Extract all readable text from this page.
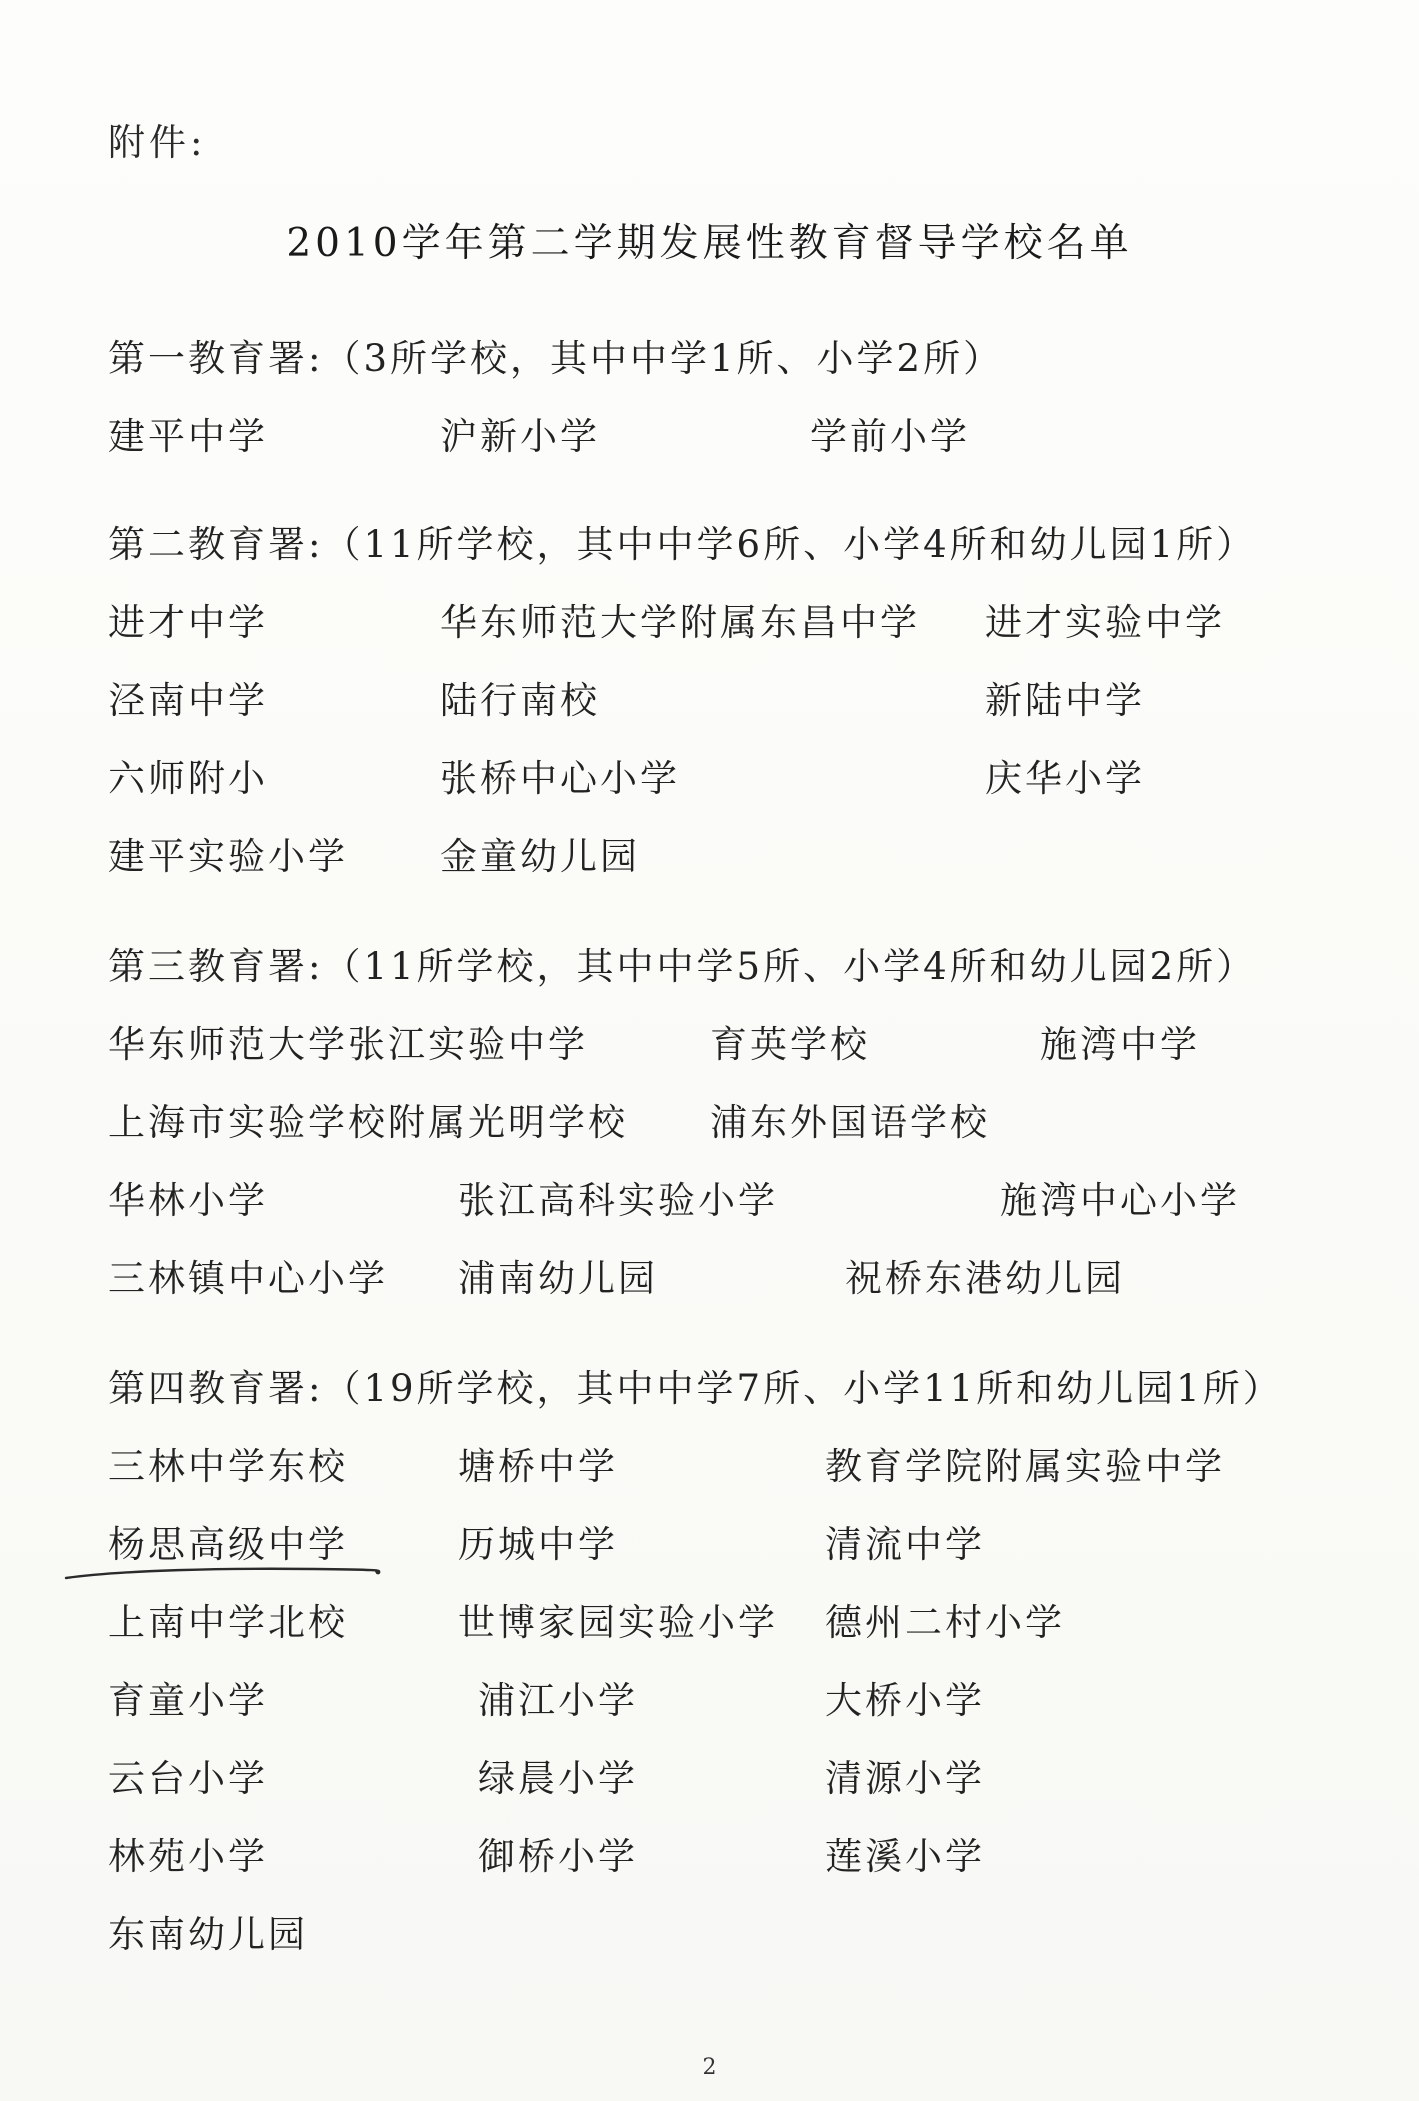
附件:
2010学年第二学期发展性教育督导学校名单
第一教育署:（3所学校，其中中学1所、小学2所）
建平中学	沪新小学	学前小学
第二教育署:（11所学校，其中中学6所、小学4所和幼儿园1所）
进才中学	华东师范大学附属东昌中学 进才实验中学
泾南中学	陆行南校	新陆中学
六师附小	张桥中心小学	庆华小学
建平实验小学 金童幼儿园
第三教育署:（11所学校，其中中学5所、小学4所和幼儿园2所）
华东师范大学张江实验中学	育英学校	施湾中学
上海市实验学校附属光明学校 浦东外国语学校
华林小学	张江高科实验小学	施湾中心小学
三林镇中心小学 浦南幼儿园	祝桥东港幼儿园
第四教育署:（19所学校，其中中学7所、小学11所和幼儿园1所）
三林中学东校	塘桥中学	教育学院附属实验中学
杨思高级中学	历城中学	清流中学
上南中学北校	世博家园实验小学 德州二村小学
育童小学	浦江小学	大桥小学
云台小学	绿晨小学	清源小学
林苑小学	御桥小学	莲溪小学
东南幼儿园
2
